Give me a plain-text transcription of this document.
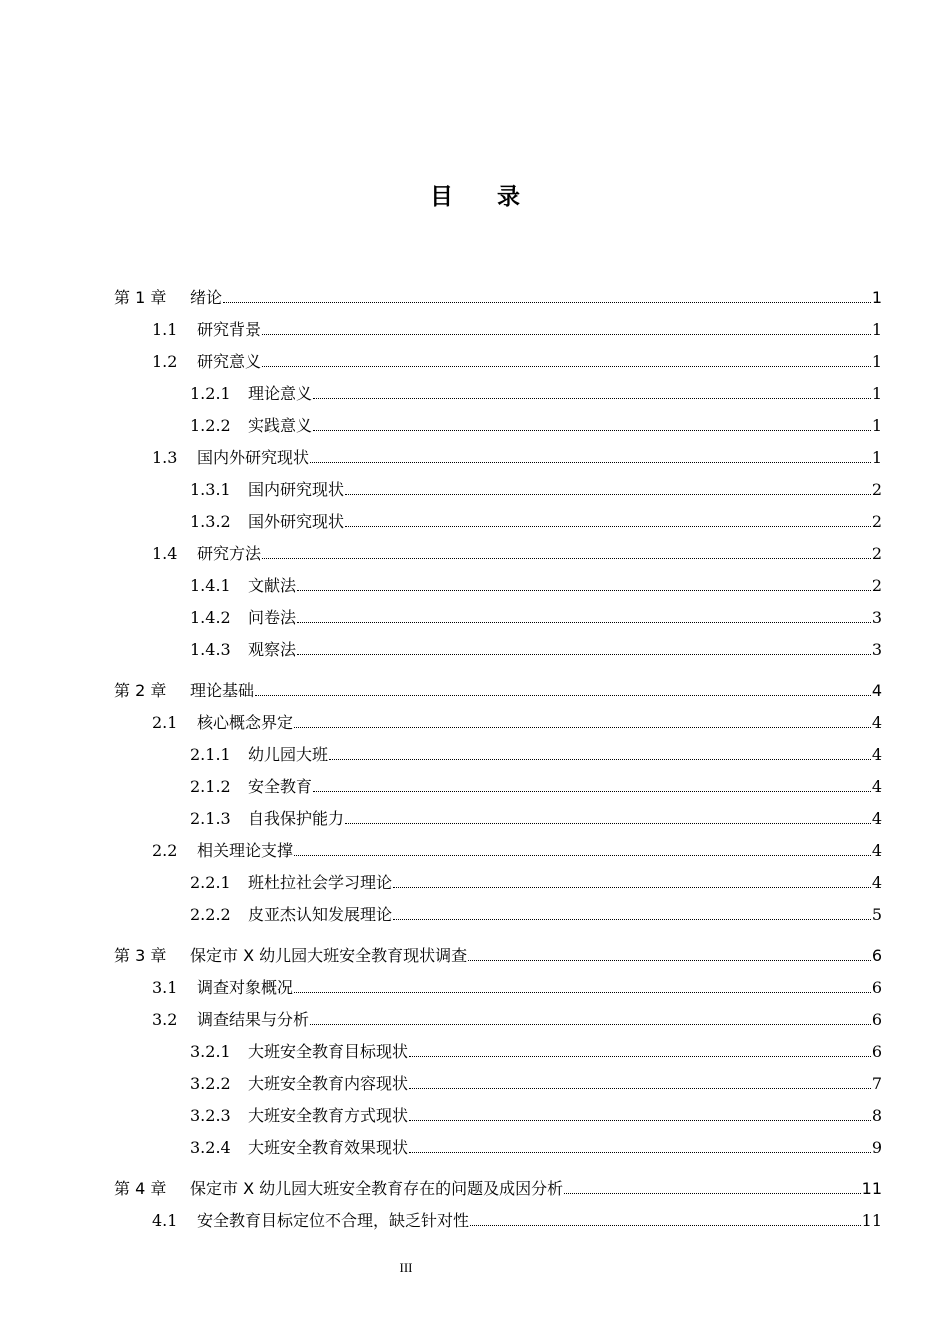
目 录
第 1 章	绪论	1
1.1	研究背景	1
1.2	研究意义	1
1.2.1	理论意义	1
1.2.2	实践意义	1
1.3	国内外研究现状	1
1.3.1	国内研究现状	2
1.3.2	国外研究现状	2
1.4	研究方法	2
1.4.1	文献法	2
1.4.2	问卷法	3
1.4.3	观察法	3
第 2 章	理论基础	4
2.1	核心概念界定	4
2.1.1	幼儿园大班	4
2.1.2	安全教育	4
2.1.3	自我保护能力	4
2.2	相关理论支撑	4
2.2.1	班杜拉社会学习理论	4
2.2.2	皮亚杰认知发展理论	5
第 3 章	保定市 X 幼儿园大班安全教育现状调查	6
3.1	调查对象概况	6
3.2	调查结果与分析	6
3.2.1	大班安全教育目标现状	6
3.2.2	大班安全教育内容现状	7
3.2.3	大班安全教育方式现状	8
3.2.4	大班安全教育效果现状	9
第 4 章	保定市 X 幼儿园大班安全教育存在的问题及成因分析	11
4.1	安全教育目标定位不合理，缺乏针对性	11
III
